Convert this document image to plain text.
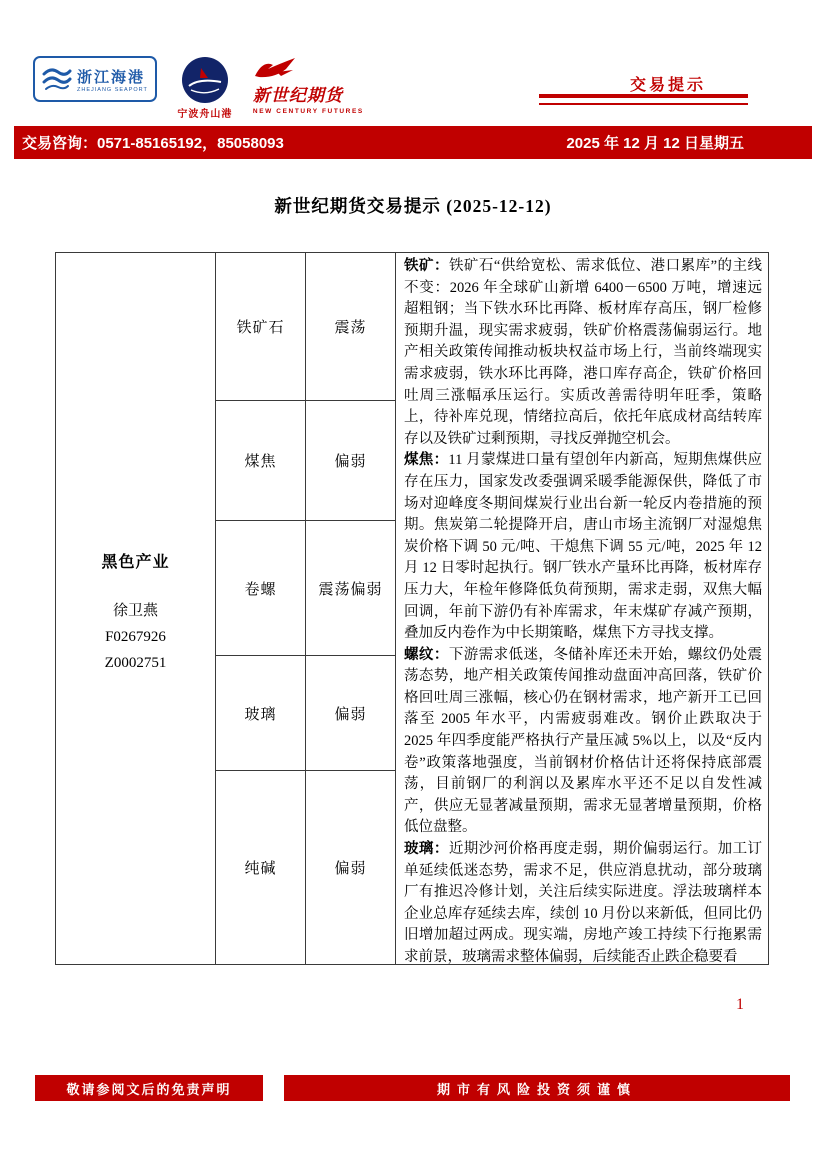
浙江海港
ZHEJIANG SEAPORT
宁波舟山港
新世纪期货
NEW CENTURY FUTURES
交易提示
交易咨询：0571-85165192，85058093	2025 年 12 月 12 日星期五
新世纪期货交易提示 (2025-12-12)
黑色产业
徐卫燕
F0267926
Z0002751
铁矿石	震荡
煤焦	偏弱
卷螺	震荡偏弱
玻璃	偏弱
纯碱	偏弱

铁矿：铁矿石“供给宽松、需求低位、港口累库”的主线不变：2026 年全球矿山新增 6400－6500 万吨，增速远超粗钢；当下铁水环比再降、板材库存高压，钢厂检修预期升温，现实需求疲弱，铁矿价格震荡偏弱运行。地产相关政策传闻推动板块权益市场上行，当前终端现实需求疲弱，铁水环比再降，港口库存高企，铁矿价格回吐周三涨幅承压运行。实质改善需待明年旺季，策略上，待补库兑现，情绪拉高后，依托年底成材高结转库存以及铁矿过剩预期，寻找反弹抛空机会。

煤焦：11 月蒙煤进口量有望创年内新高，短期焦煤供应存在压力，国家发改委强调采暖季能源保供，降低了市场对迎峰度冬期间煤炭行业出台新一轮反内卷措施的预期。焦炭第二轮提降开启，唐山市场主流钢厂对湿熄焦炭价格下调 50 元/吨、干熄焦下调 55 元/吨，2025 年 12 月 12 日零时起执行。钢厂铁水产量环比再降，板材库存压力大，年检年修降低负荷预期，需求走弱，双焦大幅回调，年前下游仍有补库需求，年末煤矿存减产预期，叠加反内卷作为中长期策略，煤焦下方寻找支撑。

螺纹：下游需求低迷，冬储补库还未开始，螺纹仍处震荡态势，地产相关政策传闻推动盘面冲高回落，铁矿价格回吐周三涨幅，核心仍在钢材需求，地产新开工已回落至 2005 年水平，内需疲弱难改。钢价止跌取决于 2025 年四季度能严格执行产量压减 5%以上，以及“反内卷”政策落地强度，当前钢材价格估计还将保持底部震荡，目前钢厂的利润以及累库水平还不足以自发性减产，供应无显著减量预期，需求无显著增量预期，价格低位盘整。

玻璃：近期沙河价格再度走弱，期价偏弱运行。加工订单延续低迷态势，需求不足，供应消息扰动，部分玻璃厂有推迟冷修计划，关注后续实际进度。浮法玻璃样本企业总库存延续去库，续创 10 月份以来新低，但同比仍旧增加超过两成。现实端，房地产竣工持续下行拖累需求前景，玻璃需求整体偏弱，后续能否止跌企稳要看

1
敬请参阅文后的免责声明	期市有风险投资须谨慎
